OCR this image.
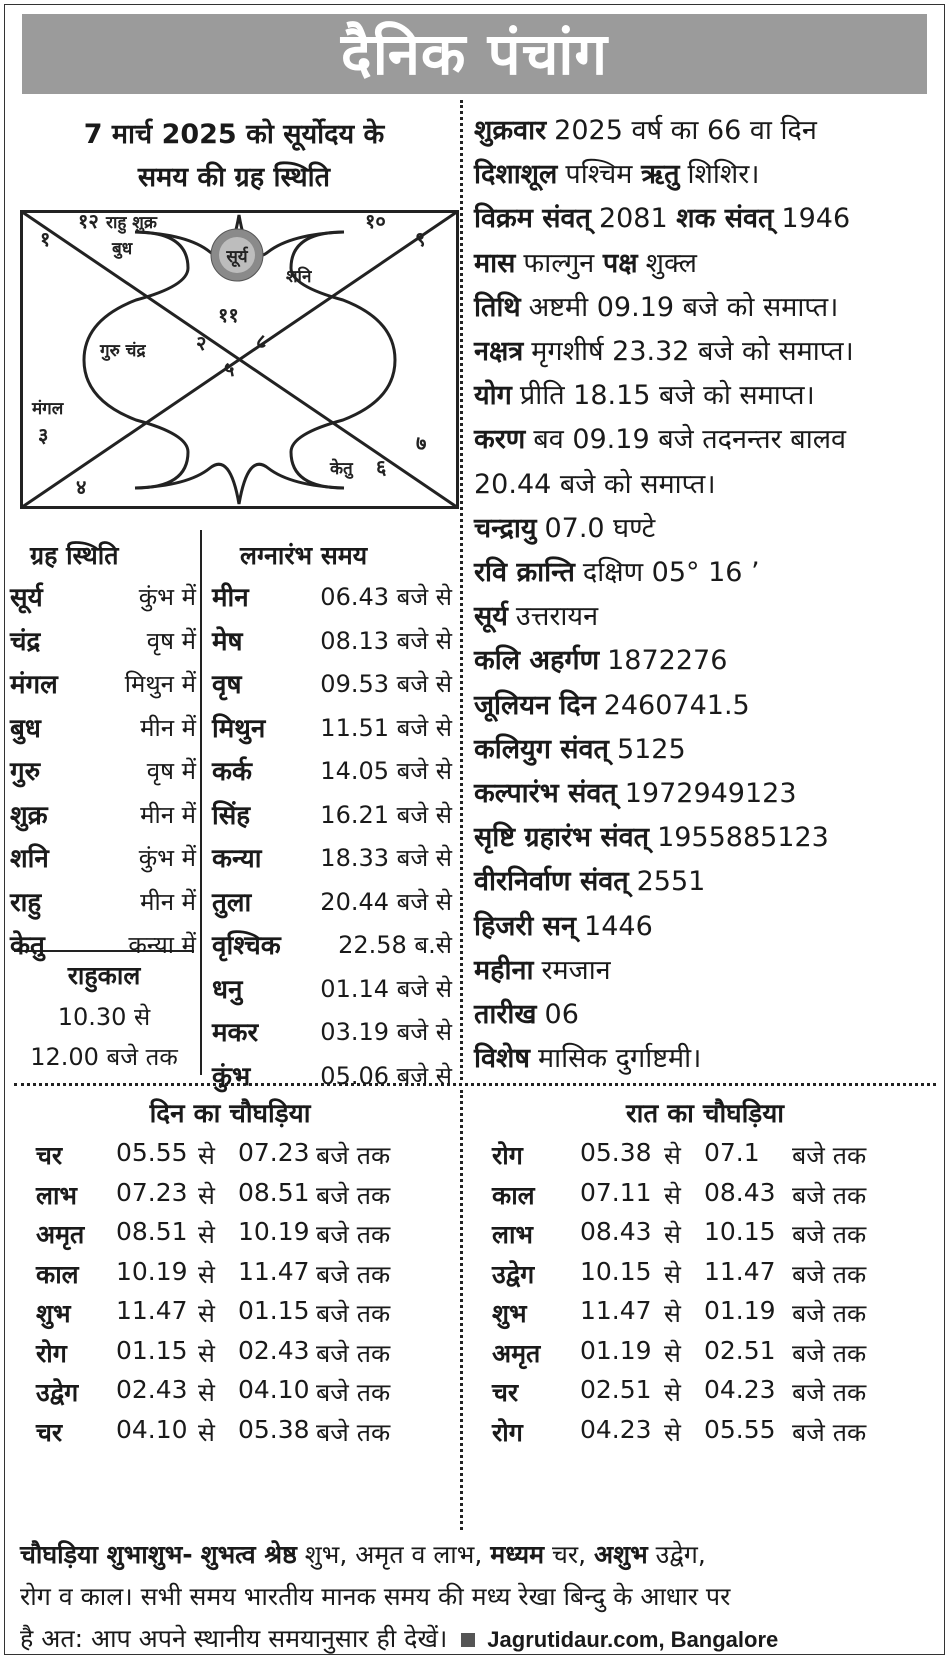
दैनिक पंचांग
7 मार्च 2025 को सूर्योदय के
समय की ग्रह स्थिति
सूर्य
१
१२ राहु शुक्र
बुध
१०
९
शनि
११
गुरु चंद्र	२ ८
५
मंगल
३
४
केतु ६
७
ग्रह स्थिति
सूर्य	कुंभ में
चंद्र	वृष में
मंगल	मिथुन में
बुध	मीन में
गुरु	वृष में
शुक्र	मीन में
शनि	कुंभ में
राहु	मीन में
केतु	कन्या में
राहुकाल
10.30 से
12.00 बजे तक
लग्नारंभ समय
मीन	06.43 बजे से
मेष	08.13 बजे से
वृष	09.53 बजे से
मिथुन 11.51 बजे से
कर्क	14.05 बजे से
सिंह	16.21 बजे से
कन्या 18.33 बजे से
तुला	20.44 बजे से
वृश्चिक 22.58 ब.से
धनु	01.14 बजे से
मकर	03.19 बजे से
कुंभ	05.06 बजे से
शुक्रवार 2025 वर्ष का 66 वा दिन
दिशाशूल पश्चिम ऋतु शिशिर।
विक्रम संवत् 2081 शक संवत् 1946
मास फाल्गुन पक्ष शुक्ल
तिथि अष्टमी 09.19 बजे को समाप्त।
नक्षत्र मृगशीर्ष 23.32 बजे को समाप्त।
योग प्रीति 18.15 बजे को समाप्त।
करण बव 09.19 बजे तदनन्तर बालव
20.44 बजे को समाप्त।
चन्द्रायु 07.0 घण्टे
रवि क्रान्ति दक्षिण 05° 16 ’
सूर्य उत्तरायन
कलि अहर्गण 1872276
जूलियन दिन 2460741.5
कलियुग संवत् 5125
कल्पारंभ संवत् 1972949123
सृष्टि ग्रहारंभ संवत् 1955885123
वीरनिर्वाण संवत् 2551
हिजरी सन् 1446
महीना रमजान
तारीख 06
विशेष मासिक दुर्गाष्टमी।
दिन का चौघड़िया	रात का चौघड़िया
चर 05.55 से 07.23 बजे तक
लाभ 07.23 से 08.51 बजे तक
अमृत 08.51 से 10.19 बजे तक
काल 10.19 से 11.47 बजे तक
शुभ 11.47 से 01.15 बजे तक
रोग 01.15 से 02.43 बजे तक
उद्वेग 02.43 से 04.10 बजे तक
चर 04.10 से 05.38 बजे तक
रोग 05.38 से 07.1 बजे तक
काल 07.11 से 08.43 बजे तक
लाभ 08.43 से 10.15 बजे तक
उद्वेग 10.15 से 11.47 बजे तक
शुभ 11.47 से 01.19 बजे तक
अमृत 01.19 से 02.51 बजे तक
चर 02.51 से 04.23 बजे तक
रोग 04.23 से 05.55 बजे तक
चौघड़िया शुभाशुभ- शुभत्व श्रेष्ठ शुभ, अमृत व लाभ, मध्यम चर, अशुभ उद्वेग,
रोग व काल। सभी समय भारतीय मानक समय की मध्य रेखा बिन्दु के आधार पर
है अत: आप अपने स्थानीय समयानुसार ही देखें। Jagrutidaur.com, Bangalore
